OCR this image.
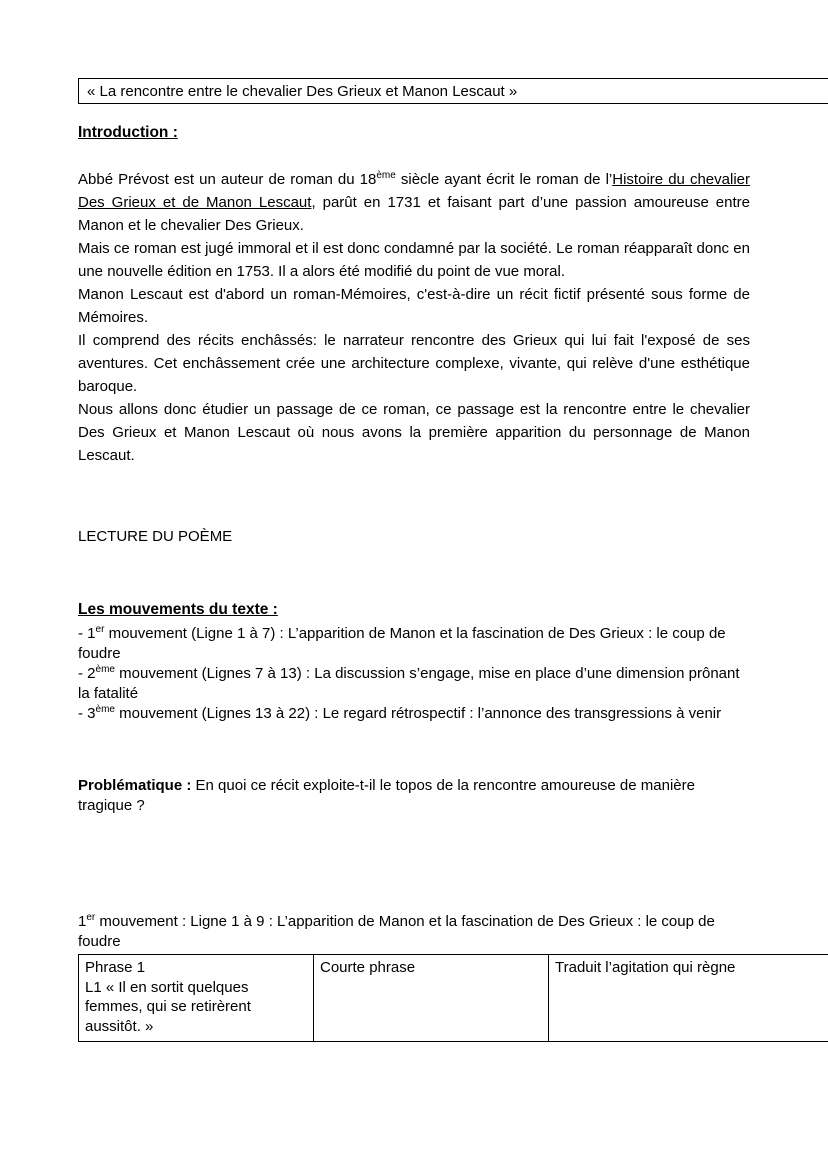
« La rencontre entre le chevalier Des Grieux et Manon Lescaut »
Introduction :

Abbé Prévost est un auteur de roman du 18ème siècle ayant écrit le roman de l’Histoire du chevalier Des Grieux et de Manon Lescaut, parût en 1731 et faisant part d’une passion amoureuse entre Manon et le chevalier Des Grieux.

Mais ce roman est jugé immoral et il est donc condamné par la société. Le roman réapparaît donc en une nouvelle édition en 1753. Il a alors été modifié du point de vue moral.

Manon Lescaut est d'abord un roman-Mémoires, c'est-à-dire un récit fictif présenté sous forme de Mémoires.

Il comprend des récits enchâssés: le narrateur rencontre des Grieux qui lui fait l'exposé de ses aventures. Cet enchâssement crée une architecture complexe, vivante, qui relève d'une esthétique baroque.

Nous allons donc étudier un passage de ce roman, ce passage est la rencontre entre le chevalier Des Grieux et Manon Lescaut où nous avons la première apparition du personnage de Manon Lescaut.

LECTURE DU POÈME
Les mouvements du texte :

- 1er mouvement (Ligne 1 à 7) : L’apparition de Manon et la fascination de Des Grieux : le coup de foudre

- 2ème mouvement (Lignes 7 à 13) : La discussion s’engage, mise en place d’une dimension prônant la fatalité

- 3ème mouvement (Lignes 13 à 22) : Le regard rétrospectif : l’annonce des transgressions à venir

Problématique : En quoi ce récit exploite-t-il le topos de la rencontre amoureuse de manière tragique ?
1er mouvement : Ligne 1 à 9 : L’apparition de Manon et la fascination de Des Grieux : le coup de foudre
Phrase 1
L1 « Il en sortit quelques femmes, qui se retirèrent aussitôt. »
	Courte phrase	Traduit l’agitation qui règne
